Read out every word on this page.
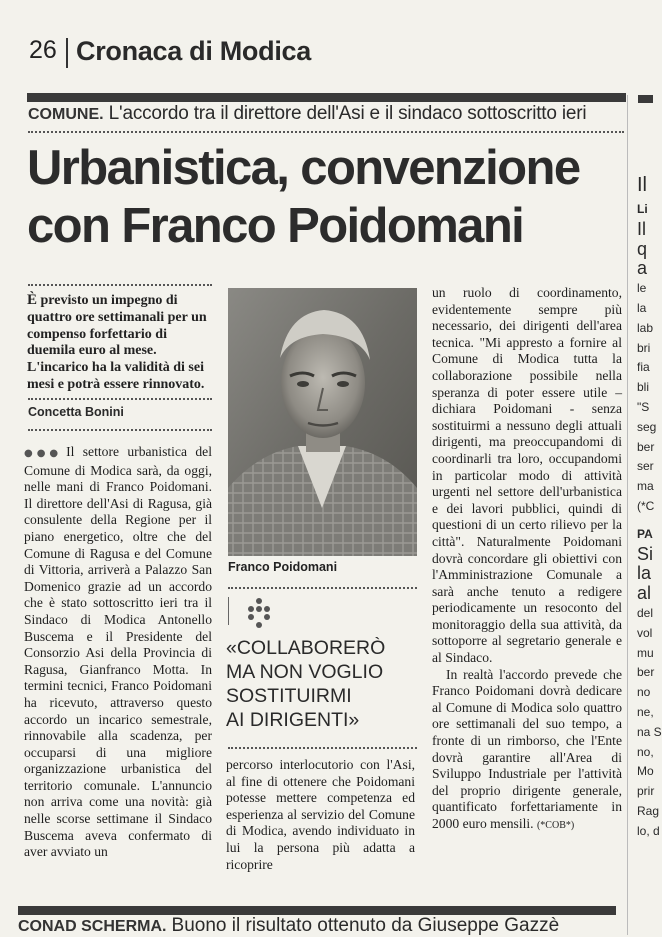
26 Cronaca di Modica
COMUNE. L'accordo tra il direttore dell'Asi e il sindaco sottoscritto ieri
Urbanistica, convenzione
con Franco Poidomani
È previsto un impegno di quattro ore settimanali per un compenso forfettario di duemila euro al mese. L'incarico ha la validità di sei mesi e potrà essere rinnovato.
Concetta Bonini

●●● Il settore urbanistica del Comune di Modica sarà, da oggi, nelle mani di Franco Poidomani. Il direttore dell'Asi di Ragusa, già consulente della Regione per il piano energetico, oltre che del Comune di Ragusa e del Comune di Vittoria, arriverà a Palazzo San Domenico grazie ad un accordo che è stato sottoscritto ieri tra il Sindaco di Modica Antonello Buscema e il Presidente del Consorzio Asi della Provincia di Ragusa, Gianfranco Motta. In termini tecnici, Franco Poidomani ha ricevuto, attraverso questo accordo un incarico semestrale, rinnovabile alla scadenza, per occuparsi di una migliore organizzazione urbanistica del territorio comunale. L'annuncio non arriva come una novità: già nelle scorse settimane il Sindaco Buscema aveva confermato di aver avviato un

Franco Poidomani
«COLLABORERÒ
MA NON VOGLIO
SOSTITUIRMI
AI DIRIGENTI»

percorso interlocutorio con l'Asi, al fine di ottenere che Poidomani potesse mettere competenza ed esperienza al servizio del Comune di Modica, avendo individuato in lui la persona più adatta a ricoprire

un ruolo di coordinamento, evidentemente sempre più necessario, dei dirigenti dell'area tecnica. "Mi appresto a fornire al Comune di Modica tutta la collaborazione possibile nella speranza di poter essere utile – dichiara Poidomani - senza sostituirmi a nessuno degli attuali dirigenti, ma preoccupandomi di coordinarli tra loro, occupandomi in particolar modo di attività urgenti nel settore dell'urbanistica e dei lavori pubblici, quindi di questioni di un certo rilievo per la città". Naturalmente Poidomani dovrà concordare gli obiettivi con l'Amministrazione Comunale a sarà anche tenuto a redigere periodicamente un resoconto del monitoraggio della sua attività, da sottoporre al segretario generale e al Sindaco.

In realtà l'accordo prevede che Franco Poidomani dovrà dedicare al Comune di Modica solo quattro ore settimanali del suo tempo, a fronte di un rimborso, che l'Ente dovrà garantire all'Area di Sviluppo Industriale per l'attività del proprio dirigente generale, quantificato forfettariamente in 2000 euro mensili. (*COB*)

CONAD SCHERMA. Buono il risultato ottenuto da Giuseppe Gazzè
Il
Li
Il
q
a
le
la
lab
bri
fia
bli
"S
seg
ber
ser
ma
(*C
PA
Si
la
al
del
vol
mu
ber
no
ne,
na S
no,
Mo
prir
Rag
lo, d
